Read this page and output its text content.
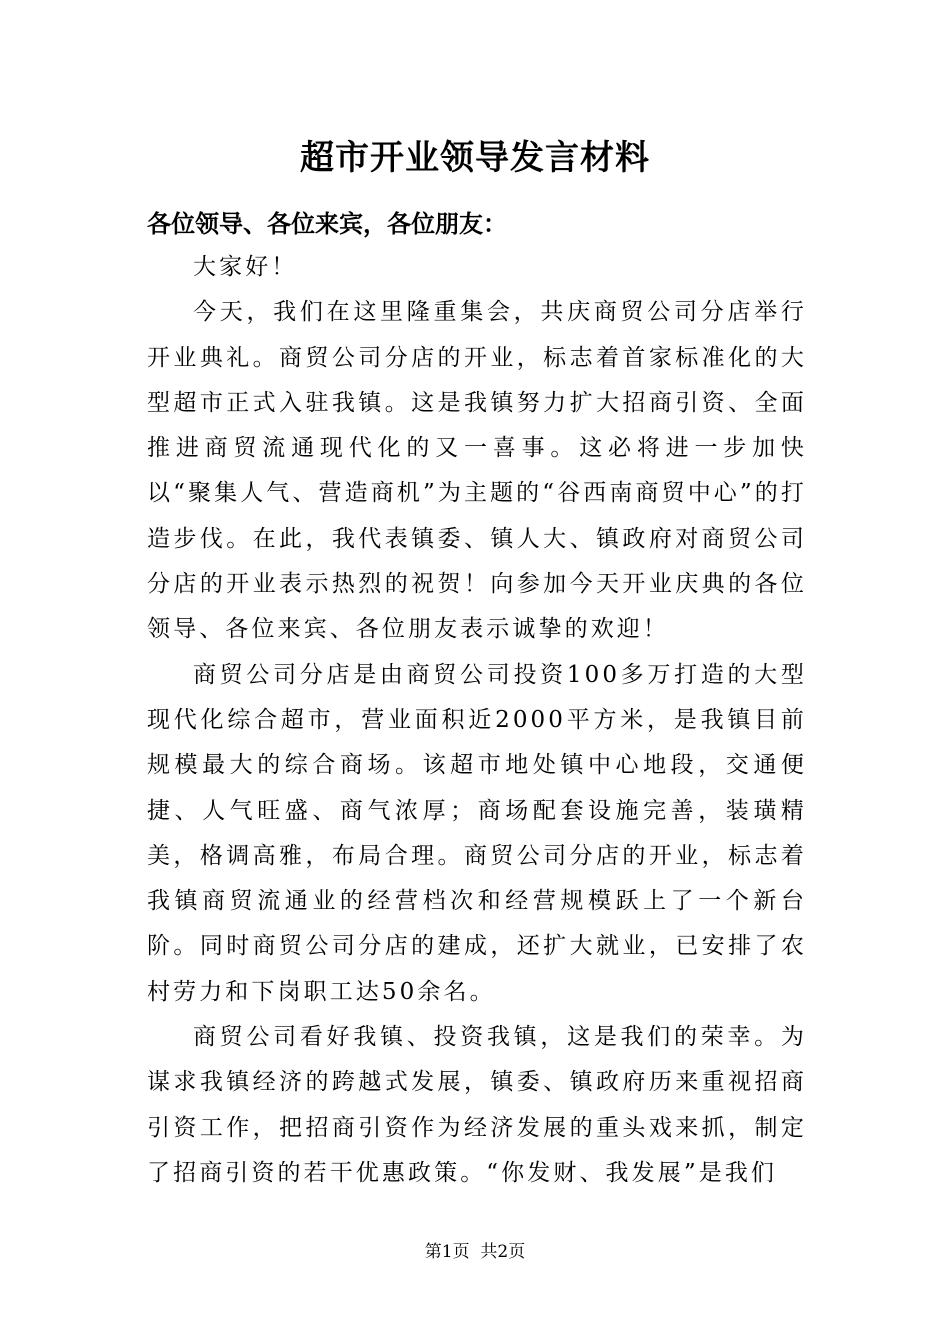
超市开业领导发言材料
各位领导、各位来宾，各位朋友：

大家好！

今天，我们在这里隆重集会，共庆商贸公司分店举行开业典礼。商贸公司分店的开业，标志着首家标准化的大型超市正式入驻我镇。这是我镇努力扩大招商引资、全面推进商贸流通现代化的又一喜事。这必将进一步加快以“聚集人气、营造商机”为主题的“谷西南商贸中心”的打造步伐。在此，我代表镇委、镇人大、镇政府对商贸公司分店的开业表示热烈的祝贺！向参加今天开业庆典的各位领导、各位来宾、各位朋友表示诚挚的欢迎！

商贸公司分店是由商贸公司投资100多万打造的大型现代化综合超市，营业面积近2000平方米，是我镇目前规模最大的综合商场。该超市地处镇中心地段，交通便捷、人气旺盛、商气浓厚；商场配套设施完善，装璜精美，格调高雅，布局合理。商贸公司分店的开业，标志着我镇商贸流通业的经营档次和经营规模跃上了一个新台阶。同时商贸公司分店的建成，还扩大就业，已安排了农村劳力和下岗职工达50余名。

商贸公司看好我镇、投资我镇，这是我们的荣幸。为谋求我镇经济的跨越式发展，镇委、镇政府历来重视招商引资工作，把招商引资作为经济发展的重头戏来抓，制定了招商引资的若干优惠政策。“你发财、我发展”是我们

第1页 共2页
